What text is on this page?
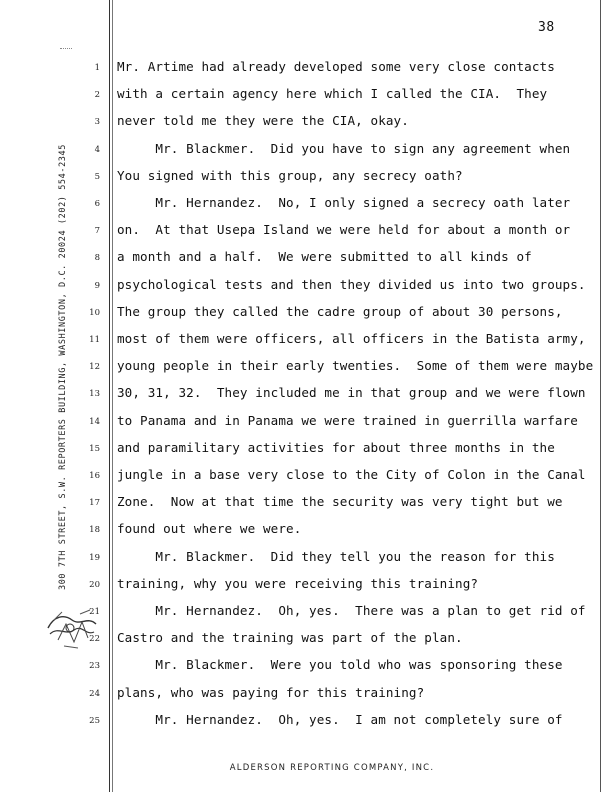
38
300 7TH STREET, S.W. REPORTERS BUILDING, WASHINGTON, D.C. 20024 (202) 554-2345
1 Mr. Artime had already developed some very close contacts
2 with a certain agency here which I called the CIA.  They
3 never told me they were the CIA, okay.
4 Mr. Blackmer.  Did you have to sign any agreement when
5 You signed with this group, any secrecy oath?
6 Mr. Hernandez.  No, I only signed a secrecy oath later
7 on.  At that Usepa Island we were held for about a month or
8 a month and a half.  We were submitted to all kinds of
9 psychological tests and then they divided us into two groups.
10 The group they called the cadre group of about 30 persons,
11 most of them were officers, all officers in the Batista army,
12 young people in their early twenties.  Some of them were maybe
13 30, 31, 32.  They included me in that group and we were flown
14 to Panama and in Panama we were trained in guerrilla warfare
15 and paramilitary activities for about three months in the
16 jungle in a base very close to the City of Colon in the Canal
17 Zone.  Now at that time the security was very tight but we
18 found out where we were.
19 Mr. Blackmer.  Did they tell you the reason for this
20 training, why you were receiving this training?
21 Mr. Hernandez.  Oh, yes.  There was a plan to get rid of
22 Castro and the training was part of the plan.
23 Mr. Blackmer.  Were you told who was sponsoring these
24 plans, who was paying for this training?
25 Mr. Hernandez.  Oh, yes.  I am not completely sure of
ALDERSON REPORTING COMPANY, INC.
